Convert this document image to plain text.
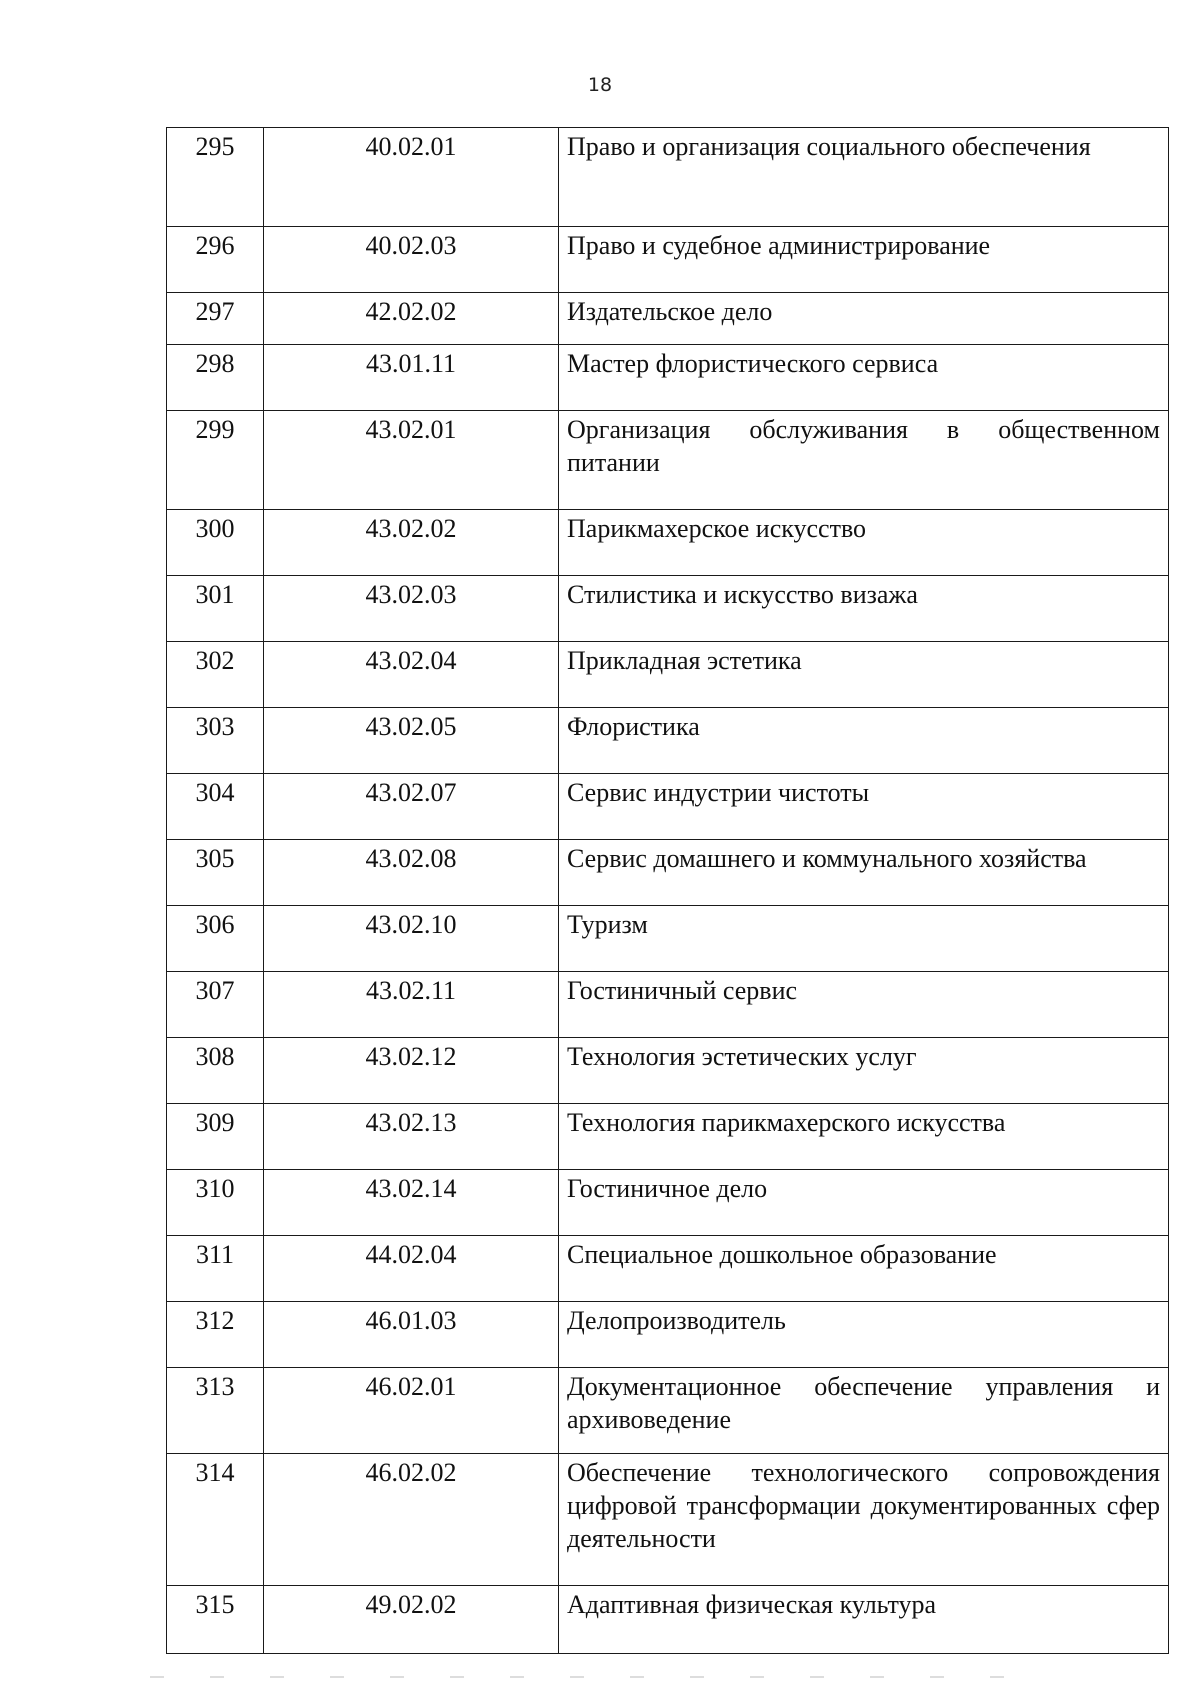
18
295	40.02.01	Право и организация социального обеспечения
296	40.02.03	Право и судебное администрирование
297	42.02.02	Издательское дело
298	43.01.11	Мастер флористического сервиса
299	43.02.01	Организация обслуживания в общественном питании
300	43.02.02	Парикмахерское искусство
301	43.02.03	Стилистика и искусство визажа
302	43.02.04	Прикладная эстетика
303	43.02.05	Флористика
304	43.02.07	Сервис индустрии чистоты
305	43.02.08	Сервис домашнего и коммунального хозяйства
306	43.02.10	Туризм
307	43.02.11	Гостиничный сервис
308	43.02.12	Технология эстетических услуг
309	43.02.13	Технология парикмахерского искусства
310	43.02.14	Гостиничное дело
311	44.02.04	Специальное дошкольное образование
312	46.01.03	Делопроизводитель
313	46.02.01	Документационное обеспечение управления и архивоведение
314	46.02.02	Обеспечение технологического сопровождения цифровой трансформации документированных сфер деятельности
315	49.02.02	Адаптивная физическая культура
